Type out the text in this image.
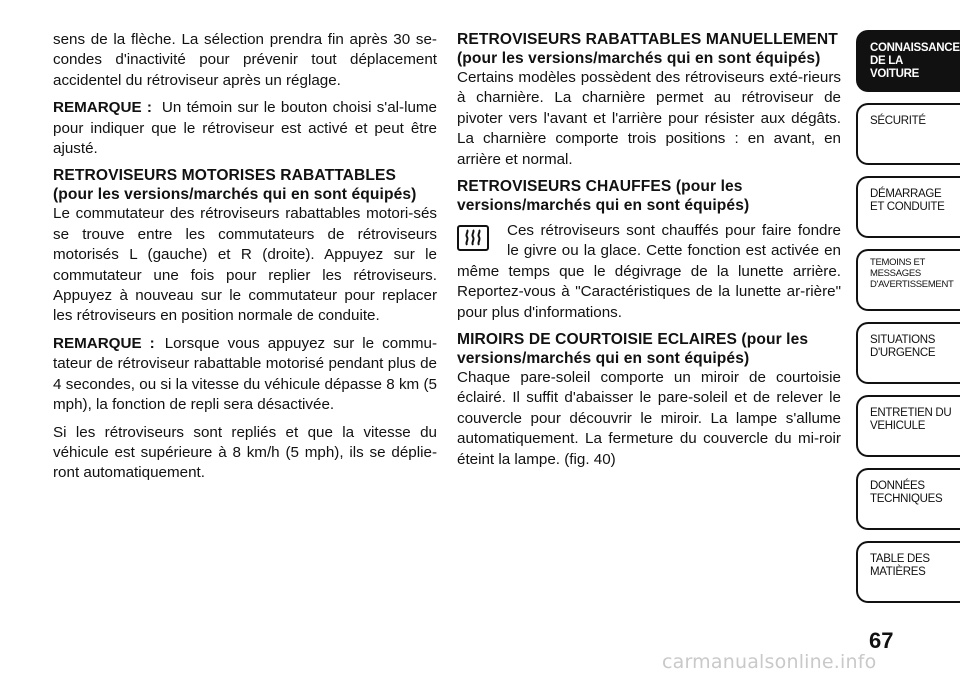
sens de la flèche. La sélection prendra fin après 30 se-condes d'inactivité pour prévenir tout déplacement accidentel du rétroviseur après un réglage.

REMARQUE : Un témoin sur le bouton choisi s'al-lume pour indiquer que le rétroviseur est activé et peut être ajusté.

RETROVISEURS MOTORISES RABATTABLES (pour les versions/marchés qui en sont équipés)

Le commutateur des rétroviseurs rabattables motori-sés se trouve entre les commutateurs de rétroviseurs motorisés L (gauche) et R (droite). Appuyez sur le commutateur une fois pour replier les rétroviseurs. Appuyez à nouveau sur le commutateur pour replacer les rétroviseurs en position normale de conduite.

REMARQUE : Lorsque vous appuyez sur le commu-tateur de rétroviseur rabattable motorisé pendant plus de 4 secondes, ou si la vitesse du véhicule dépasse 8 km (5 mph), la fonction de repli sera désactivée.

Si les rétroviseurs sont repliés et que la vitesse du véhicule est supérieure à 8 km/h (5 mph), ils se déplie-ront automatiquement.

RETROVISEURS RABATTABLES MANUELLEMENT (pour les versions/marchés qui en sont équipés)

Certains modèles possèdent des rétroviseurs exté-rieurs à charnière. La charnière permet au rétroviseur de pivoter vers l'avant et l'arrière pour résister aux dégâts. La charnière comporte trois positions : en avant, en arrière et normal.

RETROVISEURS CHAUFFES (pour les versions/marchés qui en sont équipés)

Ces rétroviseurs sont chauffés pour faire fondre le givre ou la glace. Cette fonction est activée en même temps que le dégivrage de la lunette arrière. Reportez-vous à "Caractéristiques de la lunette ar-rière" pour plus d'informations.

MIROIRS DE COURTOISIE ECLAIRES (pour les versions/marchés qui en sont équipés)

Chaque pare-soleil comporte un miroir de courtoisie éclairé. Il suffit d'abaisser le pare-soleil et de relever le couvercle pour découvrir le miroir. La lampe s'allume automatiquement. La fermeture du couvercle du mi-roir éteint la lampe. (fig. 40)

CONNAISSANCE DE LA VOITURE
SÉCURITÉ
DÉMARRAGE ET CONDUITE
TEMOINS ET MESSAGES D'AVERTISSEMENT
SITUATIONS D'URGENCE
ENTRETIEN DU VEHICULE
DONNÉES TECHNIQUES
TABLE DES MATIÈRES
67
carmanualsonline.info
